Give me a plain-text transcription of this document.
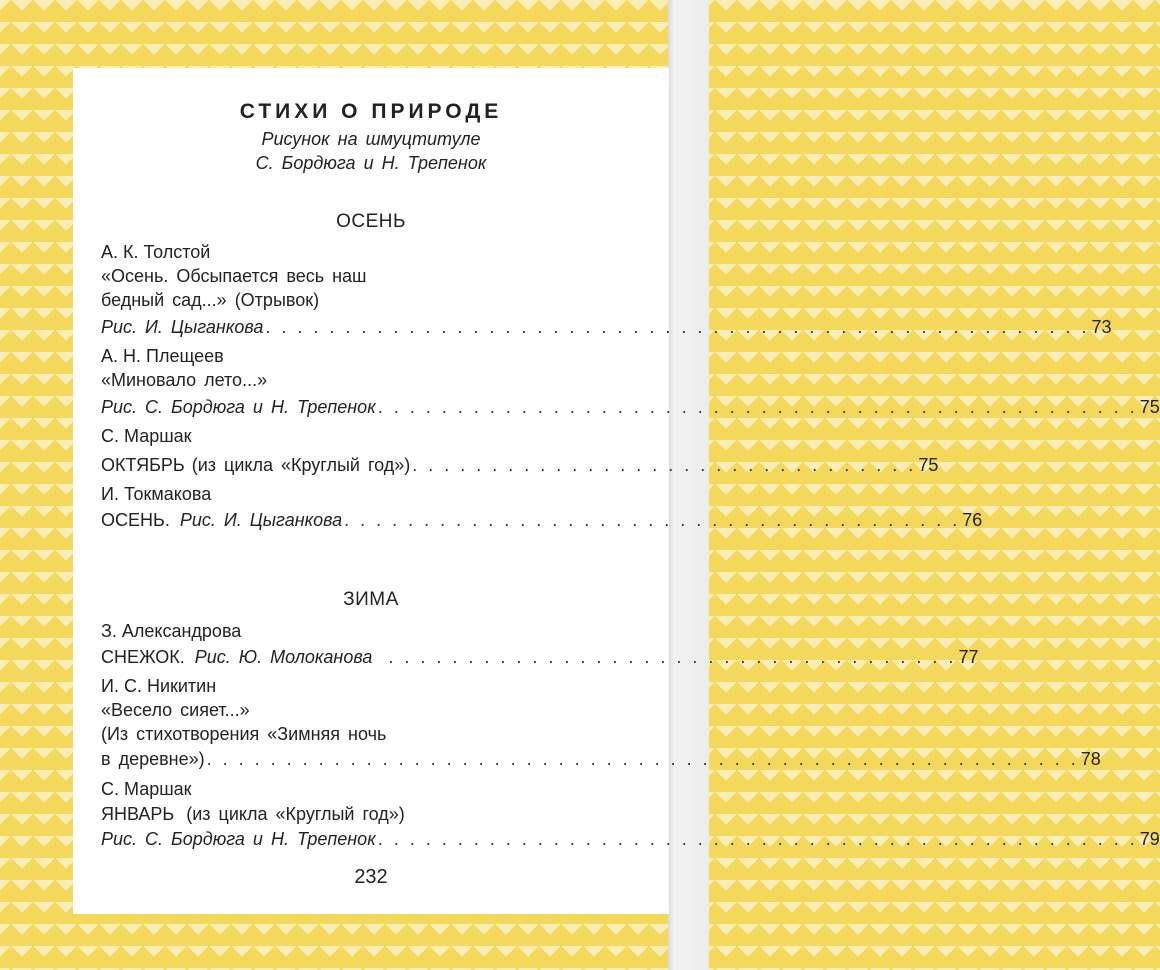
СТИХИ О ПРИРОДЕ
Рисунок на шмуцтитуле
С. Бордюга и Н. Трепенок
ОСЕНЬ
А. К. Толстой
«Осень. Обсыпается весь наш
бедный сад...» (Отрывок)
Рис. И. Цыганкова . . . . . . . . . . . . . . . . . . . . . . . . . . . . . . . . . . . . . . . . . . . . . . . . . . . . 73
А. Н. Плещеев
«Миновало лето...»
Рис. С. Бордюга и Н. Трепенок . . . . . . . . . . . . . . . . . . . . . . . . . . . . . . . . . . . . . . . . . . . . . . . . 75
С. Маршак
ОКТЯБРЬ (из цикла «Круглый год») . . . . . . . . . . . . . . . . . . . . . . . . . . . . . . . . 75
И. Токмакова
ОСЕНЬ. Рис. И. Цыганкова . . . . . . . . . . . . . . . . . . . . . . . . . . . . . . . . . . . . . . . 76
ЗИМА
З. Александрова
СНЕЖОК. Рис. Ю. Молоканова . . . . . . . . . . . . . . . . . . . . . . . . . . . . . . . . . . . . 77
И. С. Никитин
«Весело сияет...»
(Из стихотворения «Зимняя ночь
в деревне») . . . . . . . . . . . . . . . . . . . . . . . . . . . . . . . . . . . . . . . . . . . . . . . . . . . . . . . 78
С. Маршак
ЯНВАРЬ (из цикла «Круглый год»)
Рис. С. Бордюга и Н. Трепенок . . . . . . . . . . . . . . . . . . . . . . . . . . . . . . . . . . . . . . . . . . . . . . . . 79
232
